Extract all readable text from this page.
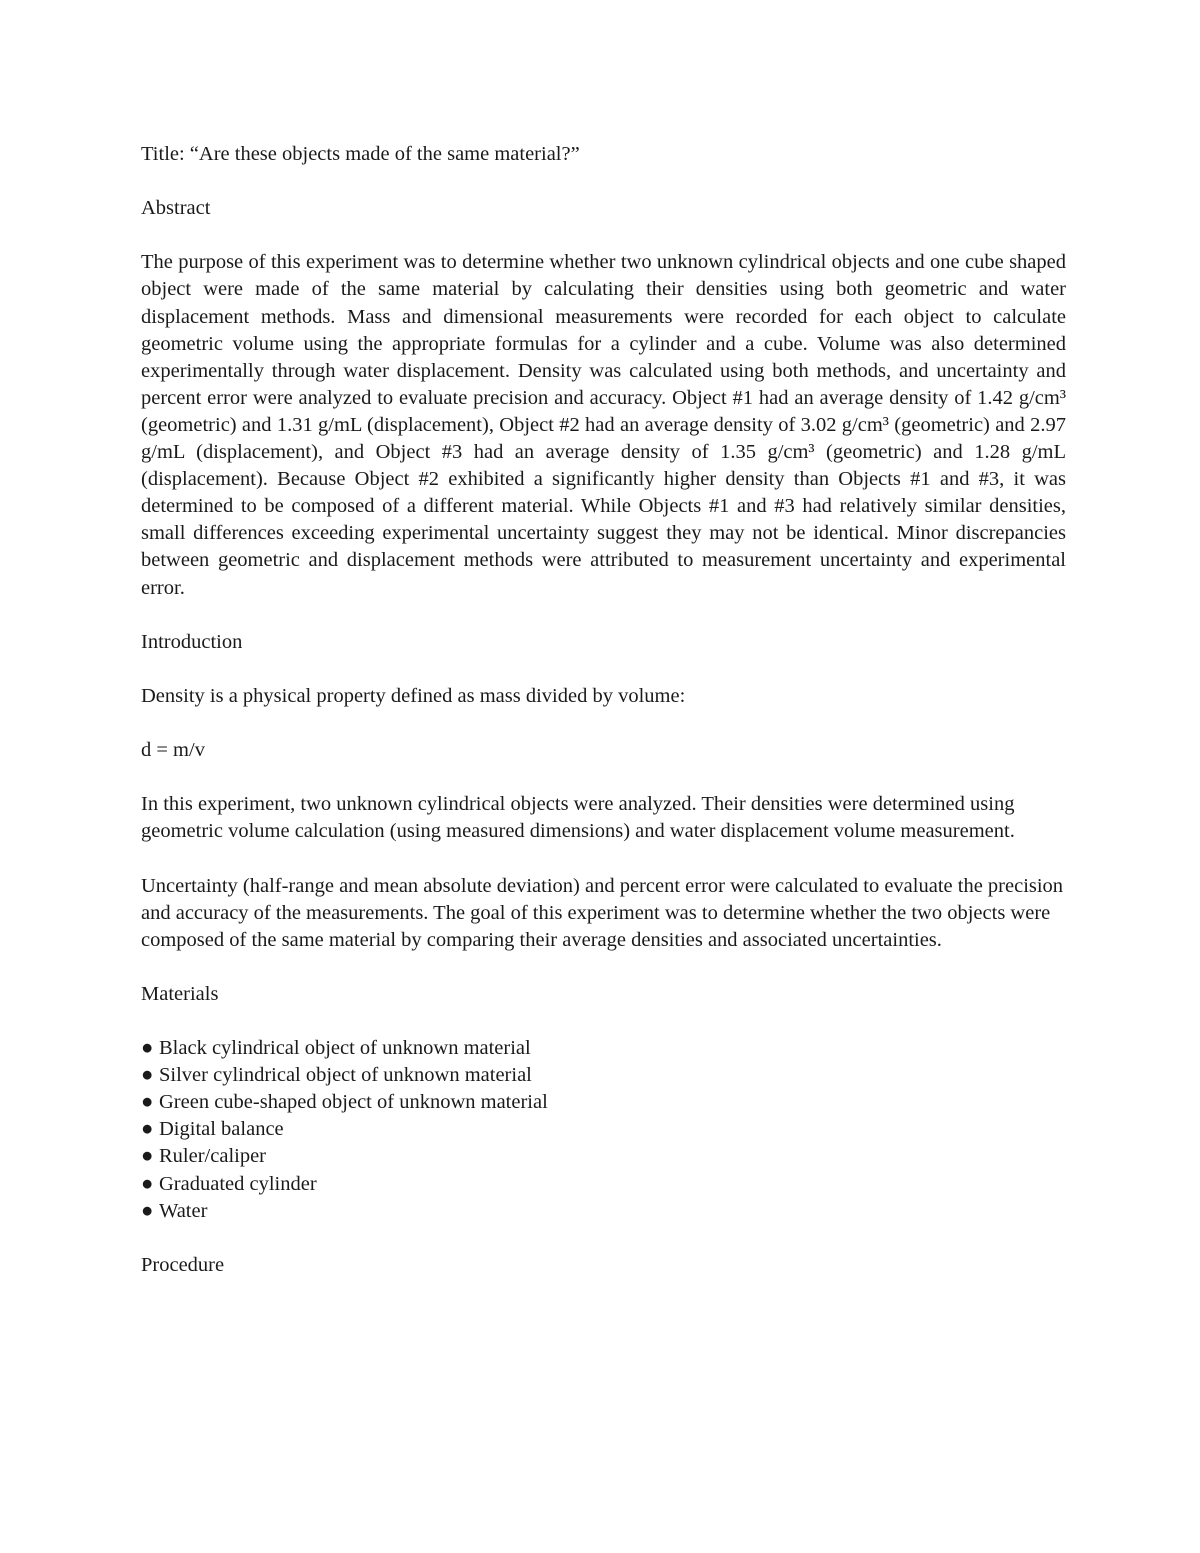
Title: “Are these objects made of the same material?”

Abstract

The purpose of this experiment was to determine whether two unknown cylindrical objects and one cube shaped object were made of the same material by calculating their densities using both geometric and water displacement methods. Mass and dimensional measurements were recorded for each object to calculate geometric volume using the appropriate formulas for a cylinder and a cube. Volume was also determined experimentally through water displacement. Density was calculated using both methods, and uncertainty and percent error were analyzed to evaluate precision and accuracy. Object #1 had an average density of 1.42 g/cm³ (geometric) and 1.31 g/mL (displacement), Object #2 had an average density of 3.02 g/cm³ (geometric) and 2.97 g/mL (displacement), and Object #3 had an average density of 1.35 g/cm³ (geometric) and 1.28 g/mL (displacement). Because Object #2 exhibited a significantly higher density than Objects #1 and #3, it was determined to be composed of a different material. While Objects #1 and #3 had relatively similar densities, small differences exceeding experimental uncertainty suggest they may not be identical. Minor discrepancies between geometric and displacement methods were attributed to measurement uncertainty and experimental error.

Introduction

Density is a physical property defined as mass divided by volume:

d = m/v

In this experiment, two unknown cylindrical objects were analyzed. Their densities were determined using geometric volume calculation (using measured dimensions) and water displacement volume measurement.

Uncertainty (half-range and mean absolute deviation) and percent error were calculated to evaluate the precision and accuracy of the measurements. The goal of this experiment was to determine whether the two objects were composed of the same material by comparing their average densities and associated uncertainties.

Materials

● Black cylindrical object of unknown material
● Silver cylindrical object of unknown material
● Green cube-shaped object of unknown material
● Digital balance
● Ruler/caliper
● Graduated cylinder
● Water

Procedure
